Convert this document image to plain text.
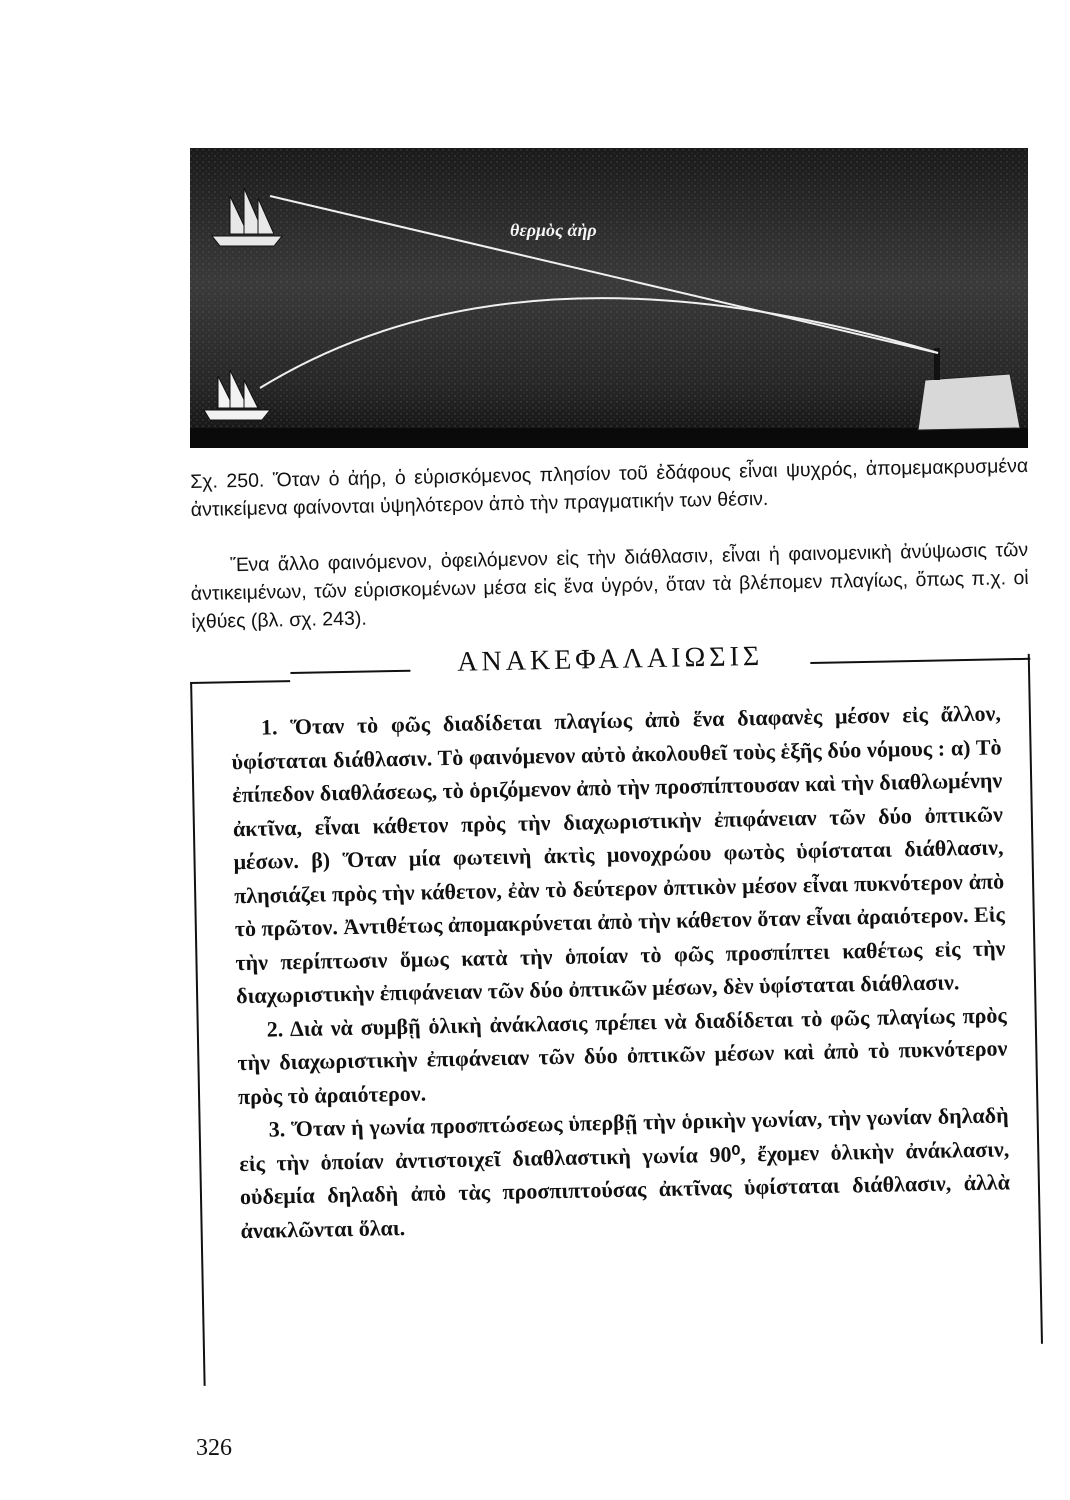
θερμὸς ἀὴρ
Σχ. 250. Ὅταν ὁ ἀήρ, ὁ εὑρισκόμενος πλησίον τοῦ ἐδάφους εἶναι ψυχρός, ἀπομεμακρυσμένα ἀντικείμενα φαίνονται ὑψηλότερον ἀπὸ τὴν πραγματικήν των θέσιν.
Ἕνα ἄλλο φαινόμενον, ὀφειλόμενον εἰς τὴν διάθλασιν, εἶναι ἡ φαινομενικὴ ἀνύψωσις τῶν ἀντικειμένων, τῶν εὑρισκομένων μέσα εἰς ἕνα ὑγρόν, ὅταν τὰ βλέπομεν πλαγίως, ὅπως π.χ. οἱ ἰχθύες (βλ. σχ. 243).
ΑΝΑΚΕΦΑΛΑΙΩΣΙΣ

1. Ὅταν τὸ φῶς διαδίδεται πλαγίως ἀπὸ ἕνα διαφανὲς μέσον εἰς ἄλλον, ὑφίσταται διάθλασιν. Τὸ φαινόμενον αὐτὸ ἀκολουθεῖ τοὺς ἑξῆς δύο νόμους : α) Τὸ ἐπίπεδον διαθλάσεως, τὸ ὁριζόμενον ἀπὸ τὴν προσπίπτουσαν καὶ τὴν διαθλωμένην ἀκτῖνα, εἶναι κάθετον πρὸς τὴν διαχωριστικὴν ἐπιφάνειαν τῶν δύο ὀπτικῶν μέσων. β) Ὅταν μία φωτεινὴ ἀκτὶς μονοχρώου φωτὸς ὑφίσταται διάθλασιν, πλησιάζει πρὸς τὴν κάθετον, ἐὰν τὸ δεύτερον ὀπτικὸν μέσον εἶναι πυκνότερον ἀπὸ τὸ πρῶτον. Ἀντιθέτως ἀπομακρύνεται ἀπὸ τὴν κάθετον ὅταν εἶναι ἀραιότερον. Εἰς τὴν περίπτωσιν ὅμως κατὰ τὴν ὁποίαν τὸ φῶς προσπίπτει καθέτως εἰς τὴν διαχωριστικὴν ἐπιφάνειαν τῶν δύο ὀπτικῶν μέσων, δὲν ὑφίσταται διάθλασιν.

2. Διὰ νὰ συμβῇ ὁλικὴ ἀνάκλασις πρέπει νὰ διαδίδεται τὸ φῶς πλαγίως πρὸς τὴν διαχωριστικὴν ἐπιφάνειαν τῶν δύο ὀπτικῶν μέσων καὶ ἀπὸ τὸ πυκνότερον πρὸς τὸ ἀραιότερον.

3. Ὅταν ἡ γωνία προσπτώσεως ὑπερβῇ τὴν ὁρικὴν γωνίαν, τὴν γωνίαν δηλαδὴ εἰς τὴν ὁποίαν ἀντιστοιχεῖ διαθλαστικὴ γωνία 90⁰, ἔχομεν ὁλικὴν ἀνάκλασιν, οὐδεμία δηλαδὴ ἀπὸ τὰς προσπιπτούσας ἀκτῖνας ὑφίσταται διάθλασιν, ἀλλὰ ἀνακλῶνται ὅλαι.

326
